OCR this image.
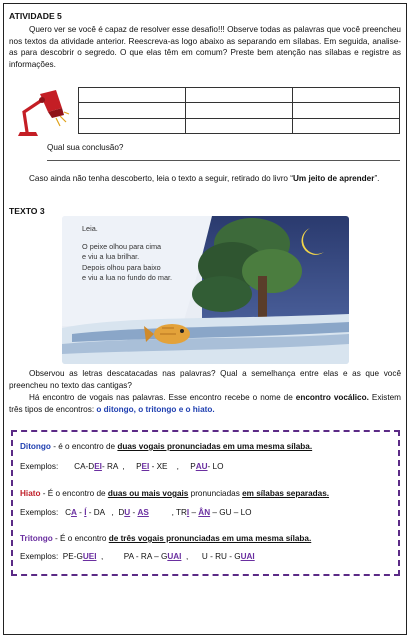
ATIVIDADE 5
Quero ver se você é capaz de resolver esse desafio!!! Observe todas as palavras que você preencheu nos textos da atividade anterior. Reescreva-as logo abaixo as separando em sílabas. Em seguida, analise-as para descobrir o segredo. O que elas têm em comum? Preste bem atenção nas sílabas e registre as informações.

Qual sua conclusão?
Caso ainda não tenha descoberto, leia o texto a seguir, retirado do livro “Um jeito de aprender”.
TEXTO 3
Leia.
O peixe olhou para cima
e viu a lua brilhar.
Depois olhou para baixo
e viu a lua no fundo do mar.
Observou as letras descatacadas nas palavras? Qual a semelhança entre elas e as que você preencheu no texto das cantigas?
Há encontro de vogais nas palavras. Esse encontro recebe o nome de encontro vocálico. Existem três tipos de encontros: o ditongo, o tritongo e o hiato.
Ditongo - é o encontro de duas vogais pronunciadas em uma mesma sílaba.
Exemplos: CA-DEI- RA  ,     PEI - XE    ,     PAU- LO
Hiato - É o encontro de duas ou mais vogais pronunciadas em sílabas separadas.
Exemplos: CA - Í - DA   ,  DU - AS          , TRI – ÂN – GU – LO
Tritongo - É o encontro de três vogais pronunciadas em uma mesma sílaba.
Exemplos: PE-GUEI  ,         PA - RA – GUAI  ,      U - RU - GUAI
